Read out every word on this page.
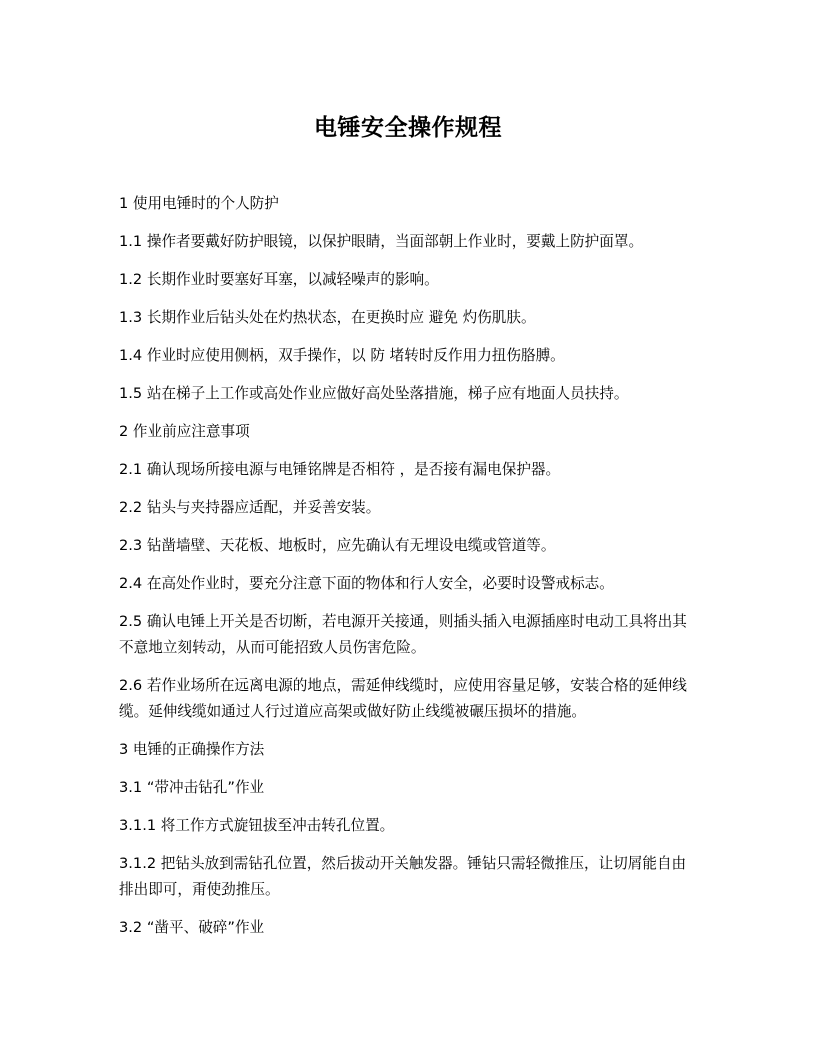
电锤安全操作规程
1 使用电锤时的个人防护
1.1 操作者要戴好防护眼镜，以保护眼睛，当面部朝上作业时，要戴上防护面罩。
1.2 长期作业时要塞好耳塞，以减轻噪声的影响。
1.3 长期作业后钻头处在灼热状态，在更换时应 避免 灼伤肌肤。
1.4 作业时应使用侧柄，双手操作，以 防 堵转时反作用力扭伤胳膊。
1.5 站在梯子上工作或高处作业应做好高处坠落措施，梯子应有地面人员扶持。
2 作业前应注意事项
2.1 确认现场所接电源与电锤铭牌是否相符 ，是否接有漏电保护器。
2.2 钻头与夹持器应适配，并妥善安装。
2.3 钻凿墙壁、天花板、地板时，应先确认有无埋设电缆或管道等。
2.4 在高处作业时，要充分注意下面的物体和行人安全，必要时设警戒标志。
2.5 确认电锤上开关是否切断，若电源开关接通，则插头插入电源插座时电动工具将出其不意地立刻转动，从而可能招致人员伤害危险。
2.6 若作业场所在远离电源的地点，需延伸线缆时，应使用容量足够，安装合格的延伸线缆。延伸线缆如通过人行过道应高架或做好防止线缆被碾压损坏的措施。
3 电锤的正确操作方法
3.1 “带冲击钻孔”作业
3.1.1 将工作方式旋钮拔至冲击转孔位置。
3.1.2 把钻头放到需钻孔位置，然后拔动开关触发器。锤钻只需轻微推压，让切屑能自由排出即可，甭使劲推压。
3.2 “凿平、破碎”作业
